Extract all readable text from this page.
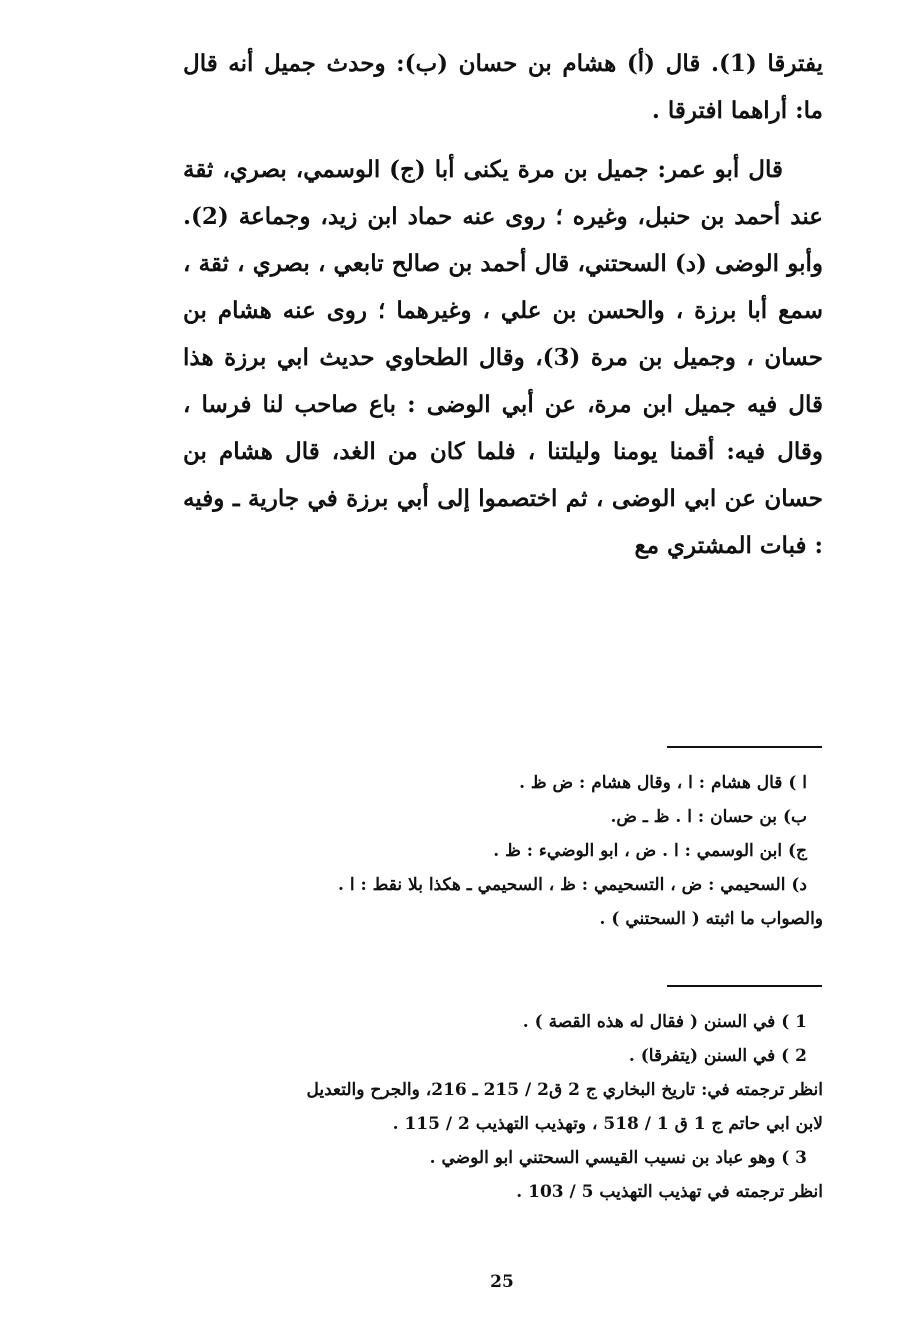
يفترقا (1). قال (أ) هشام بن حسان (ب): وحدث جميل أنه قال ما: أراهما افترقا .

قال أبو عمر: جميل بن مرة يكنى أبا (ج) الوسمي، بصري، ثقة عند أحمد بن حنبل، وغيره ؛ روى عنه حماد ابن زيد، وجماعة (2). وأبو الوضى (د) السحتني، قال أحمد بن صالح تابعي ، بصري ، ثقة ، سمع أبا برزة ، والحسن بن علي ، وغيرهما ؛ روى عنه هشام بن حسان ، وجميل بن مرة (3)، وقال الطحاوي حديث ابي برزة هذا قال فيه جميل ابن مرة، عن أبي الوضى : باع صاحب لنا فرسا ، وقال فيه: أقمنا يومنا وليلتنا ، فلما كان من الغد، قال هشام بن حسان عن ابي الوضى ، ثم اختصموا إلى أبي برزة في جارية ـ وفيه : فبات المشتري مع

ا ) قال هشام : ا ، وقال هشام : ض ظ .
ب) بن حسان : ا . ظ ـ ض.
ج) ابن الوسمي : ا . ض ، ابو الوضيء : ظ .
د) السحيمي : ض ، التسحيمي : ظ ، السحيمي ـ هكذا بلا نقط : ا .
والصواب ما اثبته ( السحتني ) .
1 ) في السنن ( فقال له هذه القصة ) .
2 ) في السنن (يتفرقا) .
انظر ترجمته في: تاريخ البخاري ج 2 ق2 / 215 ـ 216، والجرح والتعديل
لابن ابي حاتم ج 1 ق 1 / 518 ، وتهذيب التهذيب 2 / 115 .
3 ) وهو عباد بن نسيب القيسي السحتني ابو الوضي .
انظر ترجمته في تهذيب التهذيب 5 / 103 .
25
